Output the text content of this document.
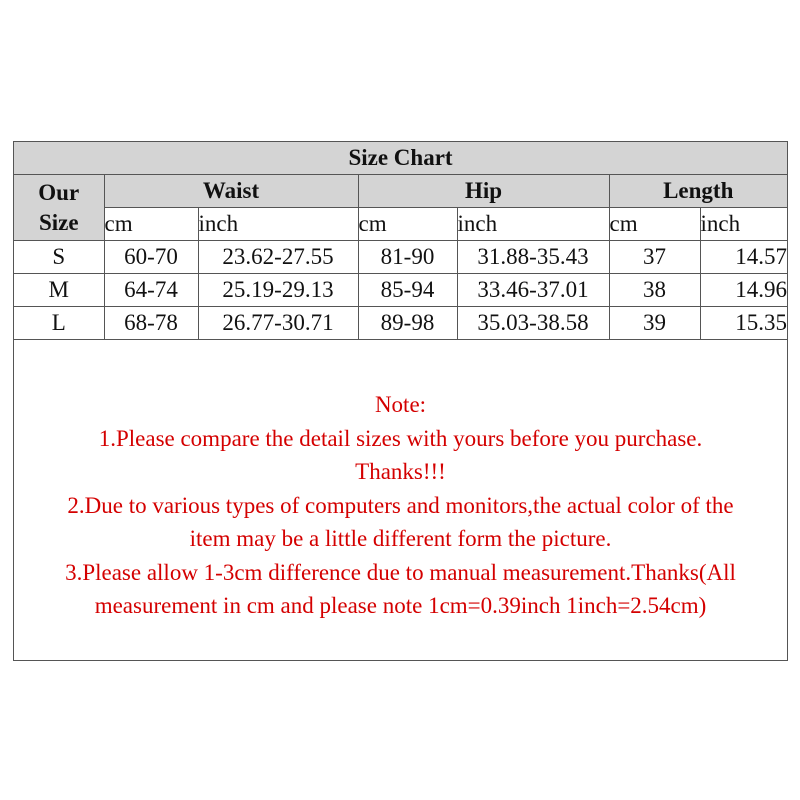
Size Chart						
Our
Size	Waist		Hip		Length	
	cm	inch	cm	inch	cm	inch
S	60-70	23.62-27.55	81-90	31.88-35.43	37	14.57
M	64-74	25.19-29.13	85-94	33.46-37.01	38	14.96
L	68-78	26.77-30.71	89-98	35.03-38.58	39	15.35
Note:
1.Please compare the detail sizes with yours before you purchase.
Thanks!!!
2.Due to various types of computers and monitors,the actual color of the
item may be a little different form the picture.
3.Please allow 1-3cm difference due to manual measurement.Thanks(All
measurement in cm and please note 1cm=0.39inch 1inch=2.54cm)
